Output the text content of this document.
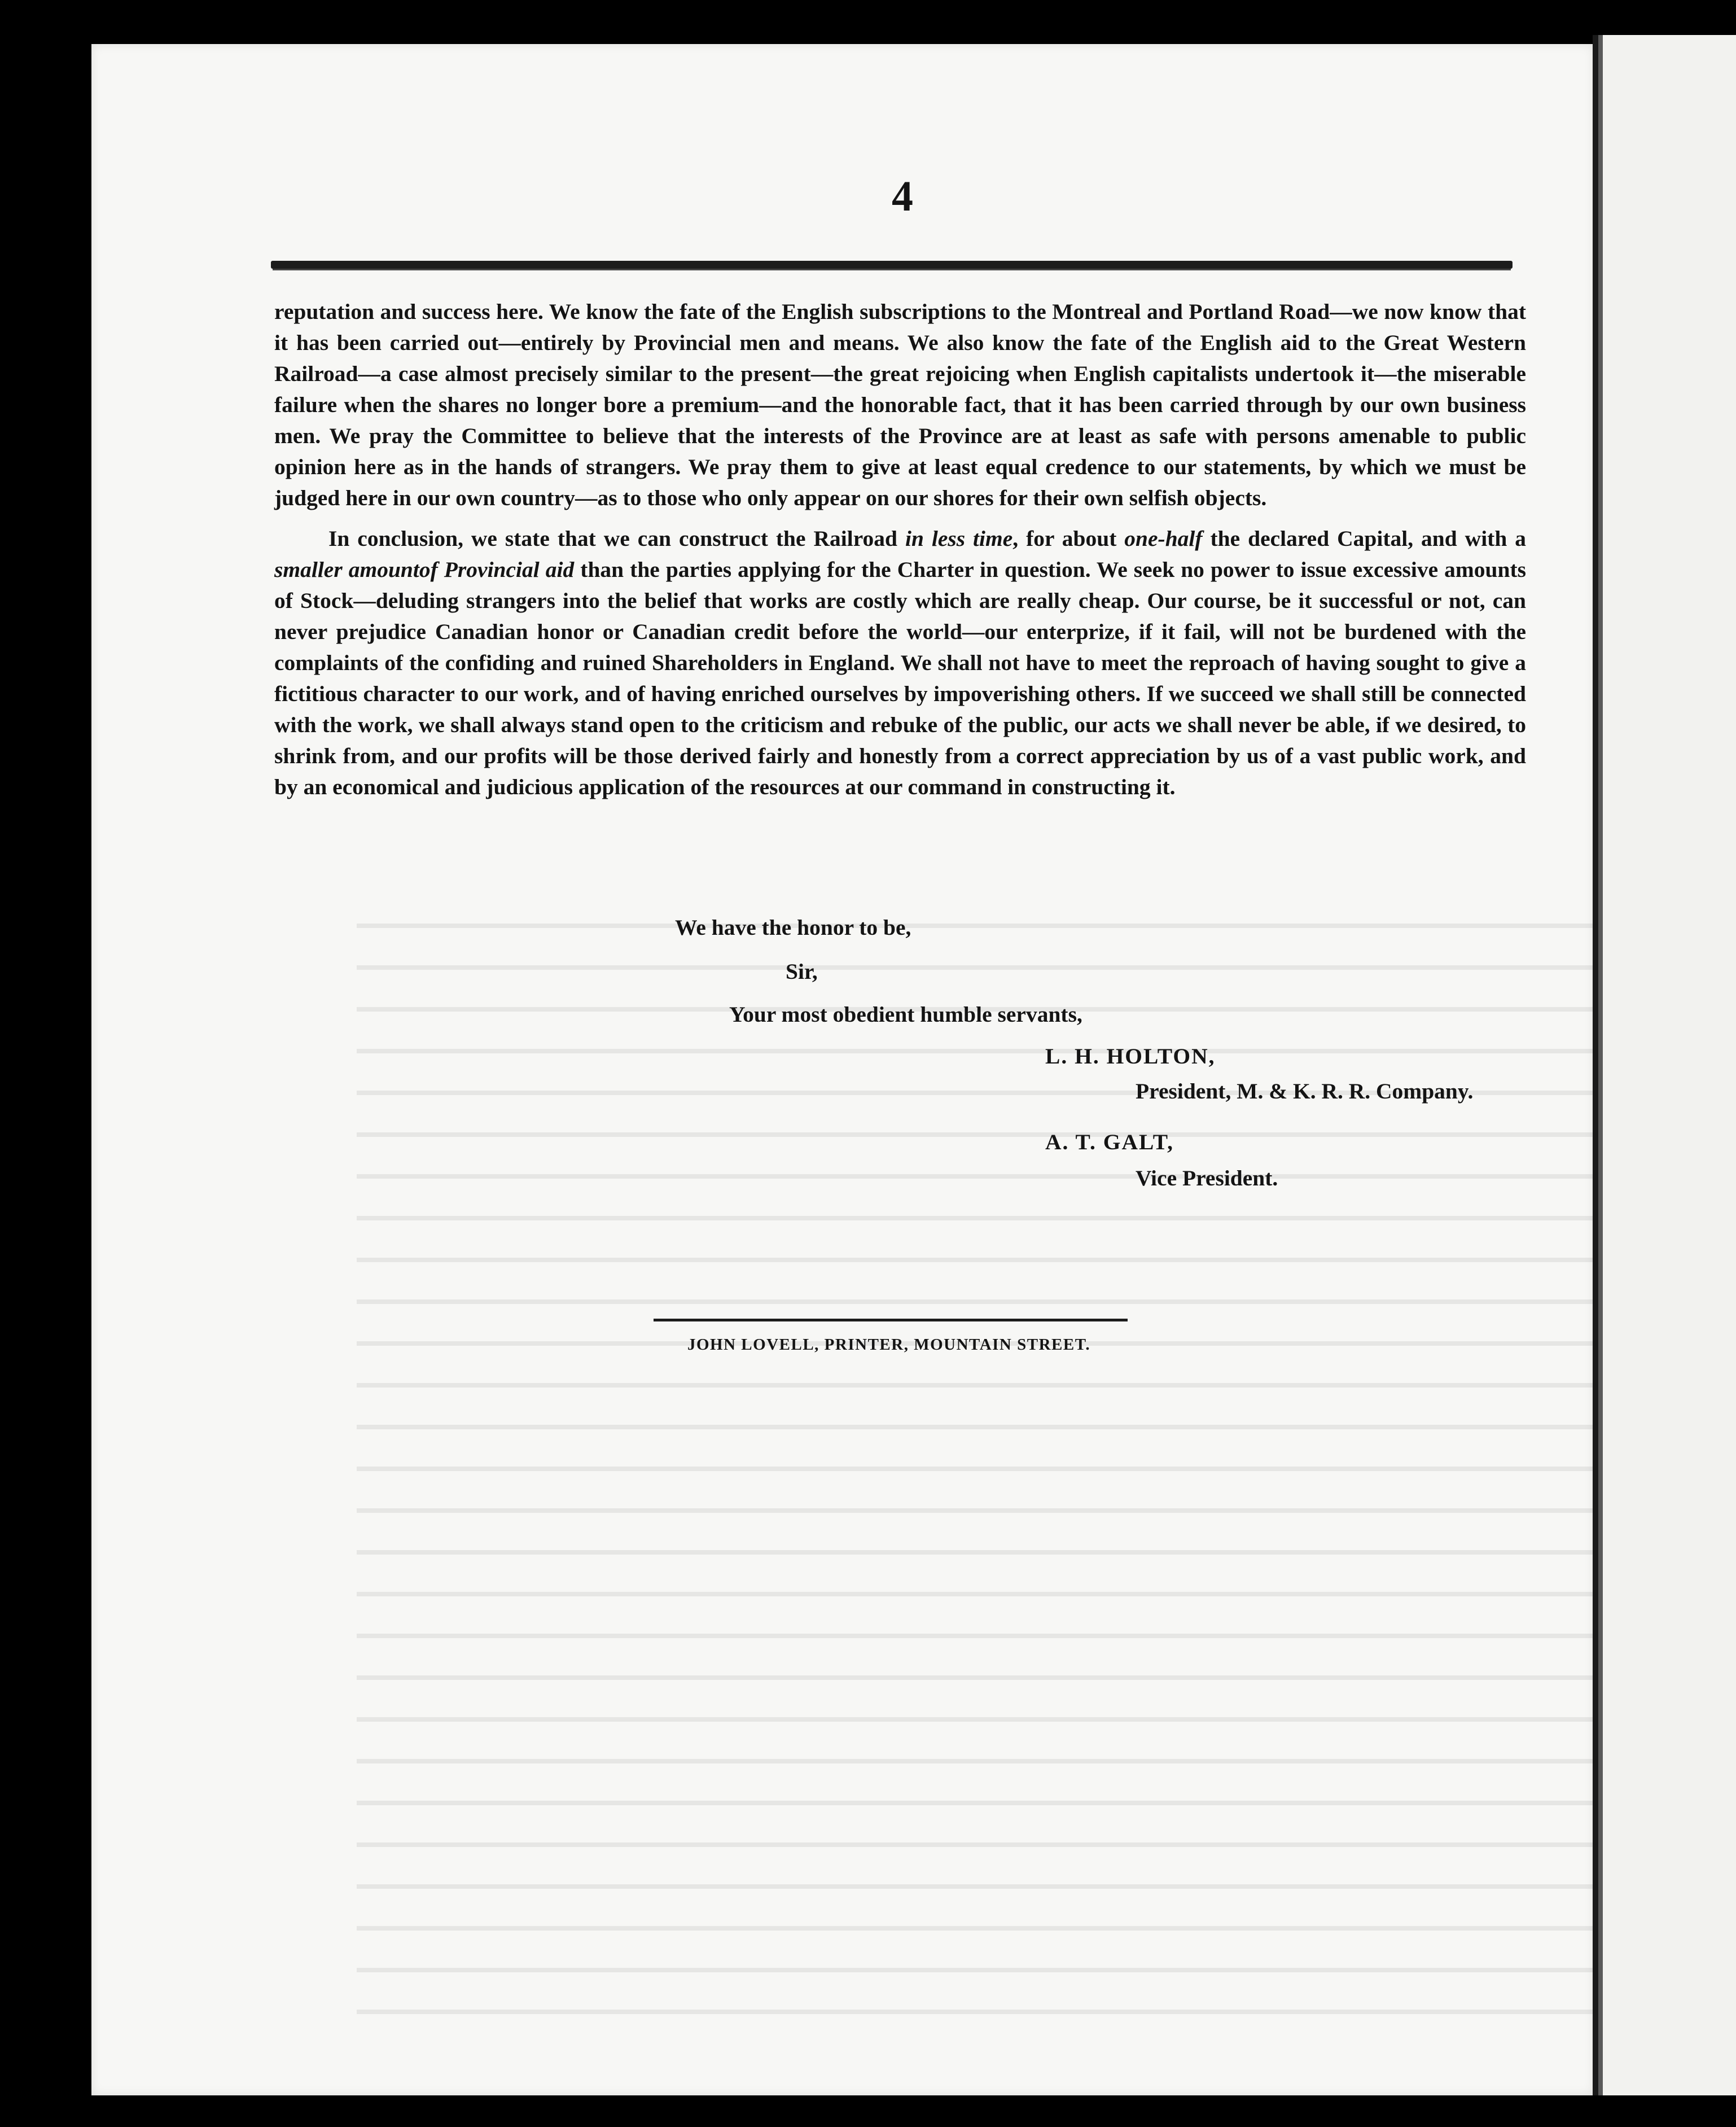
4

reputation and success here. We know the fate of the English subscriptions to the Montreal and Portland Road—we now know that it has been carried out—entirely by Provincial men and means. We also know the fate of the English aid to the Great Western Railroad—a case almost precisely similar to the present—the great rejoicing when English capitalists undertook it—the miserable failure when the shares no longer bore a premium—and the honorable fact, that it has been carried through by our own business men. We pray the Committee to believe that the interests of the Province are at least as safe with persons amenable to public opinion here as in the hands of strangers. We pray them to give at least equal credence to our statements, by which we must be judged here in our own country—as to those who only appear on our shores for their own selfish objects.

In conclusion, we state that we can construct the Railroad in less time, for about one-half the declared Capital, and with a smaller amountof Provincial aid than the parties applying for the Charter in question. We seek no power to issue excessive amounts of Stock—deluding strangers into the belief that works are costly which are really cheap. Our course, be it successful or not, can never prejudice Canadian honor or Canadian credit before the world—our enterprize, if it fail, will not be burdened with the complaints of the confiding and ruined Shareholders in England. We shall not have to meet the reproach of having sought to give a fictitious character to our work, and of having enriched ourselves by impoverishing others. If we succeed we shall still be connected with the work, we shall always stand open to the criticism and rebuke of the public, our acts we shall never be able, if we desired, to shrink from, and our profits will be those derived fairly and honestly from a correct appreciation by us of a vast public work, and by an economical and judicious application of the resources at our command in constructing it.

We have the honor to be,
Sir,
Your most obedient humble servants,
L. H. HOLTON,
President, M. & K. R. R. Company.
A. T. GALT,
Vice President.
JOHN LOVELL, PRINTER, MOUNTAIN STREET.
